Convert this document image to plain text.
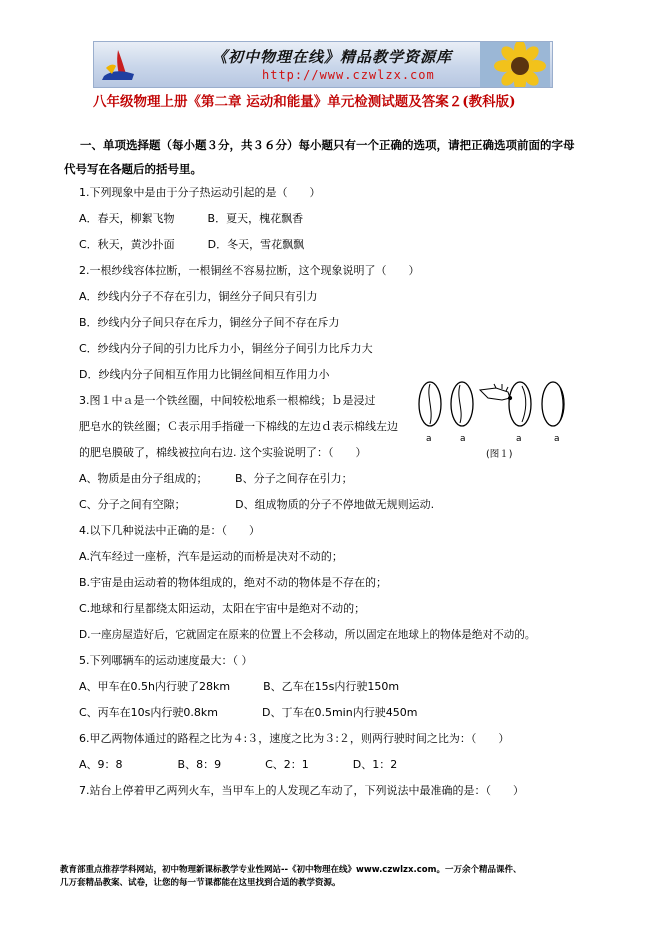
《初中物理在线》精品教学资源库
http://www.czwlzx.com
八年级物理上册《第二章 运动和能量》单元检测试题及答案２(教科版)
一、单项选择题（每小题３分，共３６分）每小题只有一个正确的选项，请把正确选项前面的字母
代号写在各题后的括号里。
1.下列现象中是由于分子热运动引起的是（　　）
A．春天，柳絮飞物　　　B．夏天，槐花飘香
C．秋天，黄沙扑面　　　D．冬天，雪花飘飘
2.一根纱线容体拉断，一根铜丝不容易拉断，这个现象说明了（　　）
A．纱线内分子不存在引力，铜丝分子间只有引力
B．纱线内分子间只存在斥力，铜丝分子间不存在斥力
C．纱线内分子间的引力比斥力小，铜丝分子间引力比斥力大
D．纱线内分子间相互作用力比铜丝间相互作用力小
3.图１中ａ是一个铁丝圈，中间较松地系一根棉线；ｂ是浸过
肥皂水的铁丝圈；Ｃ表示用手指碰一下棉线的左边ｄ表示棉线左边
的肥皂膜破了，棉线被拉向右边. 这个实验说明了：（　　）
a	a	a	a
(图１)
A、物质是由分子组成的；　　　B、分子之间存在引力；
C、分子之间有空隙；　　　　　D、组成物质的分子不停地做无规则运动.
4.以下几种说法中正确的是：（　　）
A.汽车经过一座桥，汽车是运动的而桥是决对不动的；
B.宇宙是由运动着的物体组成的，绝对不动的物体是不存在的；
C.地球和行星都绕太阳运动，太阳在宇宙中是绝对不动的；
D.一座房屋造好后，它就固定在原来的位置上不会移动，所以固定在地球上的物体是绝对不动的。
5.下列哪辆车的运动速度最大：（ ）
A、甲车在0.5h内行驶了28km　　　B、乙车在15s内行驶150m
C、丙车在10s内行驶0.8km　　　　D、丁车在0.5min内行驶450m
6.甲乙两物体通过的路程之比为４:３，速度之比为３:２，则两行驶时间之比为：（　　）
A、9：8　　　　　B、8：9　　　　C、2：1　　　　D、1：2
7.站台上停着甲乙两列火车，当甲车上的人发现乙车动了，下列说法中最准确的是：（　　）
教育部重点推荐学科网站，初中物理新课标教学专业性网站--《初中物理在线》www.czwlzx.com。一万余个精品课件、
几万套精品教案、试卷，让您的每一节课都能在这里找到合适的教学资源。
